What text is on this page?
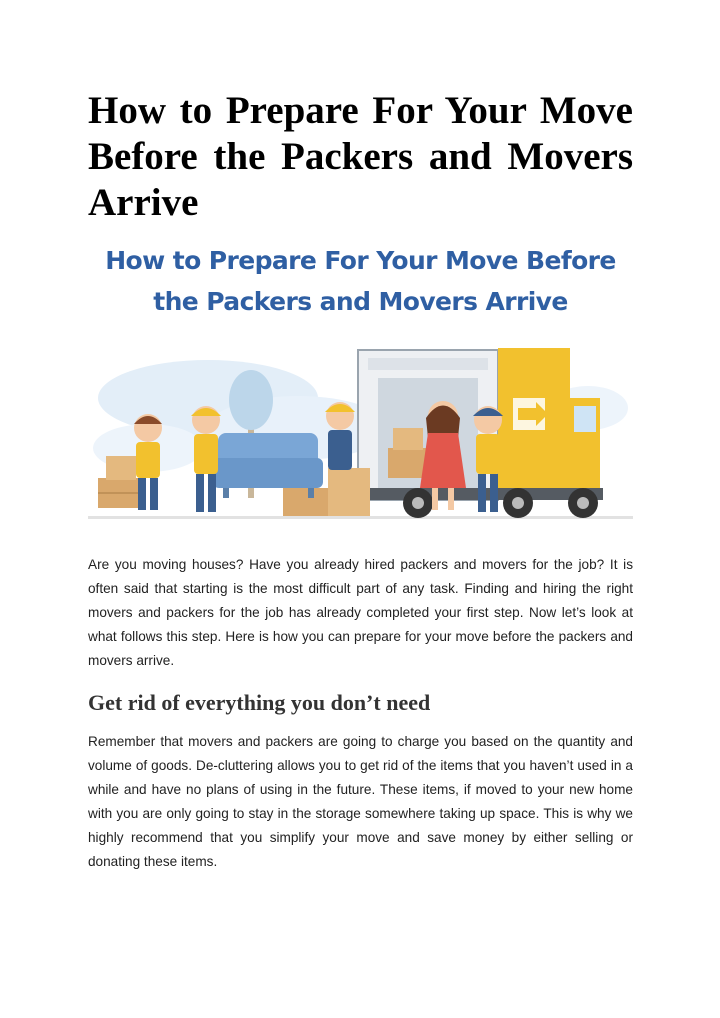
How to Prepare For Your Move Before the Packers and Movers Arrive
How to Prepare For Your Move Before
the Packers and Movers Arrive

Are you moving houses? Have you already hired packers and movers for the job? It is often said that starting is the most difficult part of any task. Finding and hiring the right movers and packers for the job has already completed your first step. Now let’s look at what follows this step. Here is how you can prepare for your move before the packers and movers arrive.

Get rid of everything you don’t need

Remember that movers and packers are going to charge you based on the quantity and volume of goods. De-cluttering allows you to get rid of the items that you haven’t used in a while and have no plans of using in the future. These items, if moved to your new home with you are only going to stay in the storage somewhere taking up space. This is why we highly recommend that you simplify your move and save money by either selling or donating these items.
